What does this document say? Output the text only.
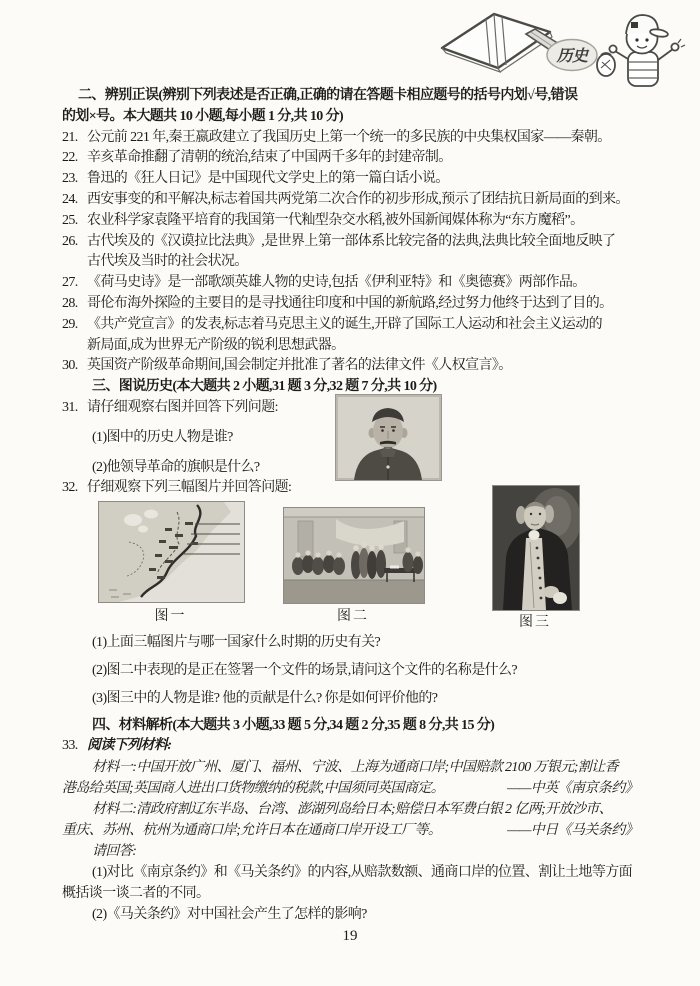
历史
二、辨别正误(辨别下列表述是否正确,正确的请在答题卡相应题号的括号内划√号,错误
的划×号。本大题共 10 小题,每小题 1 分,共 10 分)
21. 公元前 221 年,秦王嬴政建立了我国历史上第一个统一的多民族的中央集权国家——秦朝。
22. 辛亥革命推翻了清朝的统治,结束了中国两千多年的封建帝制。
23. 鲁迅的《狂人日记》是中国现代文学史上的第一篇白话小说。
24. 西安事变的和平解决,标志着国共两党第二次合作的初步形成,预示了团结抗日新局面的到来。
25. 农业科学家袁隆平培育的我国第一代籼型杂交水稻,被外国新闻媒体称为“东方魔稻”。
26. 古代埃及的《汉谟拉比法典》,是世界上第一部体系比较完备的法典,法典比较全面地反映了
古代埃及当时的社会状况。
27. 《荷马史诗》是一部歌颂英雄人物的史诗,包括《伊利亚特》和《奥德赛》两部作品。
28. 哥伦布海外探险的主要目的是寻找通往印度和中国的新航路,经过努力他终于达到了目的。
29. 《共产党宣言》的发表,标志着马克思主义的诞生,开辟了国际工人运动和社会主义运动的
新局面,成为世界无产阶级的锐利思想武器。
30. 英国资产阶级革命期间,国会制定并批准了著名的法律文件《人权宣言》。
三、图说历史(本大题共 2 小题,31 题 3 分,32 题 7 分,共 10 分)
31. 请仔细观察右图并回答下列问题:
(1)图中的历史人物是谁?
(2)他领导革命的旗帜是什么?
32. 仔细观察下列三幅图片并回答问题:
图一	图二	图三
(1)上面三幅图片与哪一国家什么时期的历史有关?
(2)图二中表现的是正在签署一个文件的场景,请问这个文件的名称是什么?
(3)图三中的人物是谁? 他的贡献是什么? 你是如何评价他的?
四、材料解析(本大题共 3 小题,33 题 5 分,34 题 2 分,35 题 8 分,共 15 分)
33. 阅读下列材料:
材料一:中国开放广州、厦门、福州、宁波、上海为通商口岸;中国赔款 2100 万银元;割让香
港岛给英国;英国商人进出口货物缴纳的税款,中国须同英国商定。	——中英《南京条约》
材料二:清政府割辽东半岛、台湾、澎湖列岛给日本;赔偿日本军费白银 2 亿两;开放沙市、
重庆、苏州、杭州为通商口岸;允许日本在通商口岸开设工厂等。	——中日《马关条约》
请回答:
(1)对比《南京条约》和《马关条约》的内容,从赔款数额、通商口岸的位置、割让土地等方面
概括谈一谈二者的不同。
(2)《马关条约》对中国社会产生了怎样的影响?
19
